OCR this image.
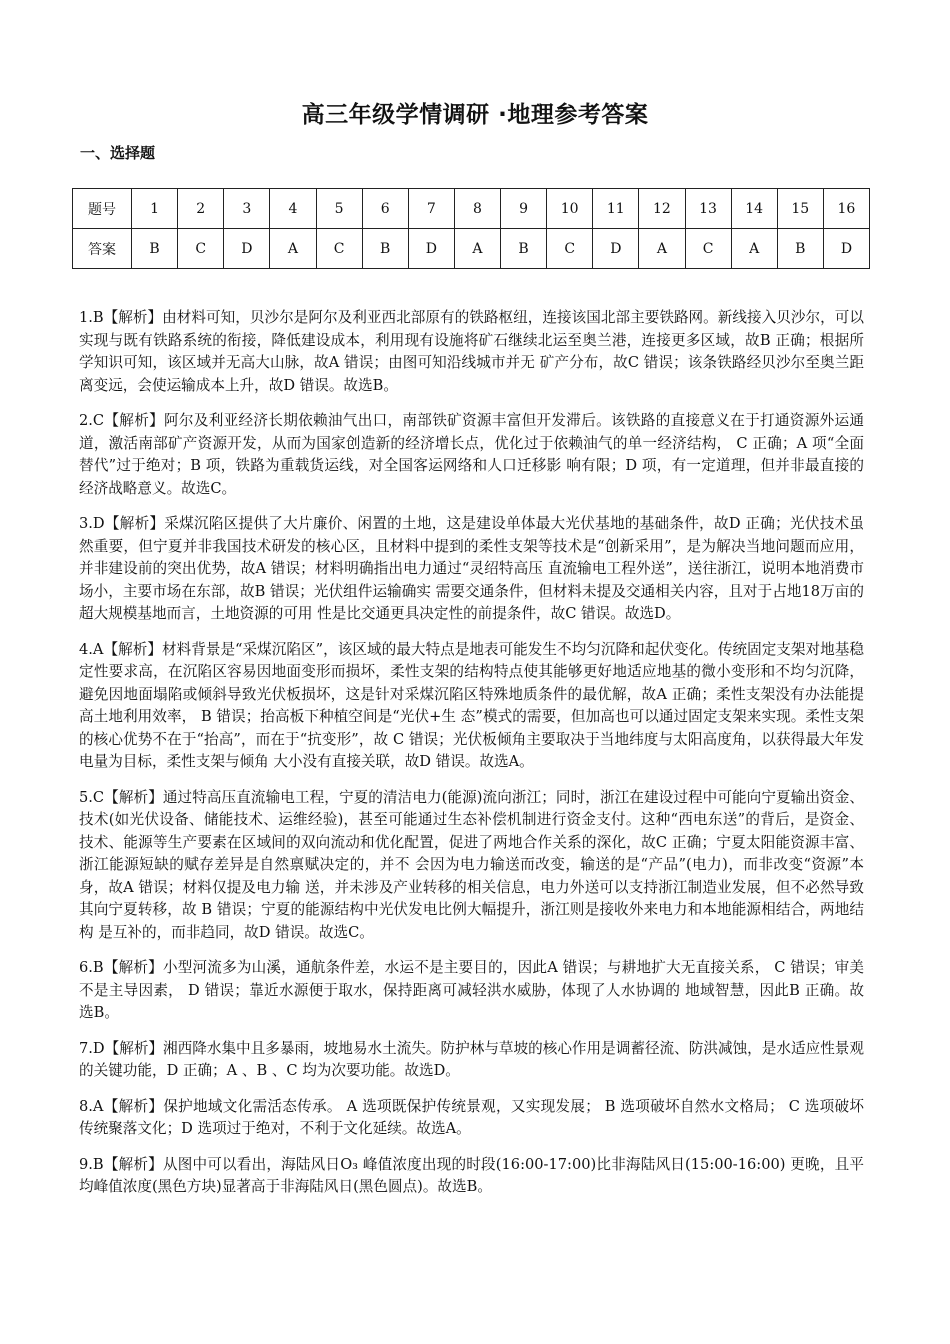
高三年级学情调研 ·地理参考答案
一、选择题
题号	1	2	3	4	5	6	7	8	9	10	11	12	13	14	15	16
答案	B	C	D	A	C	B	D	A	B	C	D	A	C	A	B	D
1.B【解析】由材料可知，贝沙尔是阿尔及利亚西北部原有的铁路枢纽，连接该国北部主要铁路网。新线接入贝沙尔，可以实现与既有铁路系统的衔接，降低建设成本，利用现有设施将矿石继续北运至奥兰港，连接更多区域，故B 正确；根据所学知识可知，该区域并无高大山脉，故A 错误；由图可知沿线城市并无 矿产分布，故C 错误；该条铁路经贝沙尔至奥兰距离变远，会使运输成本上升，故D 错误。故选B。
2.C【解析】阿尔及利亚经济长期依赖油气出口，南部铁矿资源丰富但开发滞后。该铁路的直接意义在于打通资源外运通道，激活南部矿产资源开发，从而为国家创造新的经济增长点，优化过于依赖油气的单一经济结构， C 正确；A 项“全面替代”过于绝对；B 项，铁路为重载货运线，对全国客运网络和人口迁移影 响有限；D 项，有一定道理，但并非最直接的经济战略意义。故选C。
3.D【解析】采煤沉陷区提供了大片廉价、闲置的土地，这是建设单体最大光伏基地的基础条件，故D 正确；光伏技术虽然重要，但宁夏并非我国技术研发的核心区，且材料中提到的柔性支架等技术是“创新采用”，是为解决当地问题而应用，并非建设前的突出优势，故A 错误；材料明确指出电力通过“灵绍特高压 直流输电工程外送”，送往浙江，说明本地消费市场小，主要市场在东部，故B 错误；光伏组件运输确实 需要交通条件，但材料未提及交通相关内容，且对于占地18万亩的超大规模基地而言，土地资源的可用 性是比交通更具决定性的前提条件，故C 错误。故选D。
4.A【解析】材料背景是“采煤沉陷区”，该区域的最大特点是地表可能发生不均匀沉降和起伏变化。传统固定支架对地基稳定性要求高，在沉陷区容易因地面变形而损坏，柔性支架的结构特点使其能够更好地适应地基的微小变形和不均匀沉降，避免因地面塌陷或倾斜导致光伏板损坏，这是针对采煤沉陷区特殊地质条件的最优解，故A 正确；柔性支架没有办法能提高土地利用效率， B 错误；抬高板下种植空间是“光伏+生 态”模式的需要，但加高也可以通过固定支架来实现。柔性支架的核心优势不在于“抬高”，而在于“抗变形”，故 C 错误；光伏板倾角主要取决于当地纬度与太阳高度角，以获得最大年发电量为目标，柔性支架与倾角 大小没有直接关联，故D 错误。故选A。
5.C【解析】通过特高压直流输电工程，宁夏的清洁电力(能源)流向浙江；同时，浙江在建设过程中可能向宁夏输出资金、技术(如光伏设备、储能技术、运维经验)，甚至可能通过生态补偿机制进行资金支付。这种“西电东送”的背后，是资金、技术、能源等生产要素在区域间的双向流动和优化配置，促进了两地合作关系的深化，故C 正确；宁夏太阳能资源丰富、浙江能源短缺的赋存差异是自然禀赋决定的，并不 会因为电力输送而改变，输送的是“产品”(电力)，而非改变“资源”本身，故A 错误；材料仅提及电力输 送，并未涉及产业转移的相关信息，电力外送可以支持浙江制造业发展，但不必然导致其向宁夏转移，故 B 错误；宁夏的能源结构中光伏发电比例大幅提升，浙江则是接收外来电力和本地能源相结合，两地结构 是互补的，而非趋同，故D 错误。故选C。
6.B【解析】小型河流多为山溪，通航条件差，水运不是主要目的，因此A 错误；与耕地扩大无直接关系， C 错误；审美不是主导因素， D 错误；靠近水源便于取水，保持距离可减轻洪水威胁，体现了人水协调的 地域智慧，因此B 正确。故选B。
7.D【解析】湘西降水集中且多暴雨，坡地易水土流失。防护林与草坡的核心作用是调蓄径流、防洪减蚀，是水适应性景观的关键功能，D 正确；A 、B 、C 均为次要功能。故选D。
8.A【解析】保护地域文化需活态传承。 A 选项既保护传统景观，又实现发展； B 选项破坏自然水文格局； C 选项破坏传统聚落文化；D 选项过于绝对，不利于文化延续。故选A。
9.B【解析】从图中可以看出，海陆风日O₃ 峰值浓度出现的时段(16:00-17:00)比非海陆风日(15:00-16:00) 更晚，且平均峰值浓度(黑色方块)显著高于非海陆风日(黑色圆点)。故选B。
